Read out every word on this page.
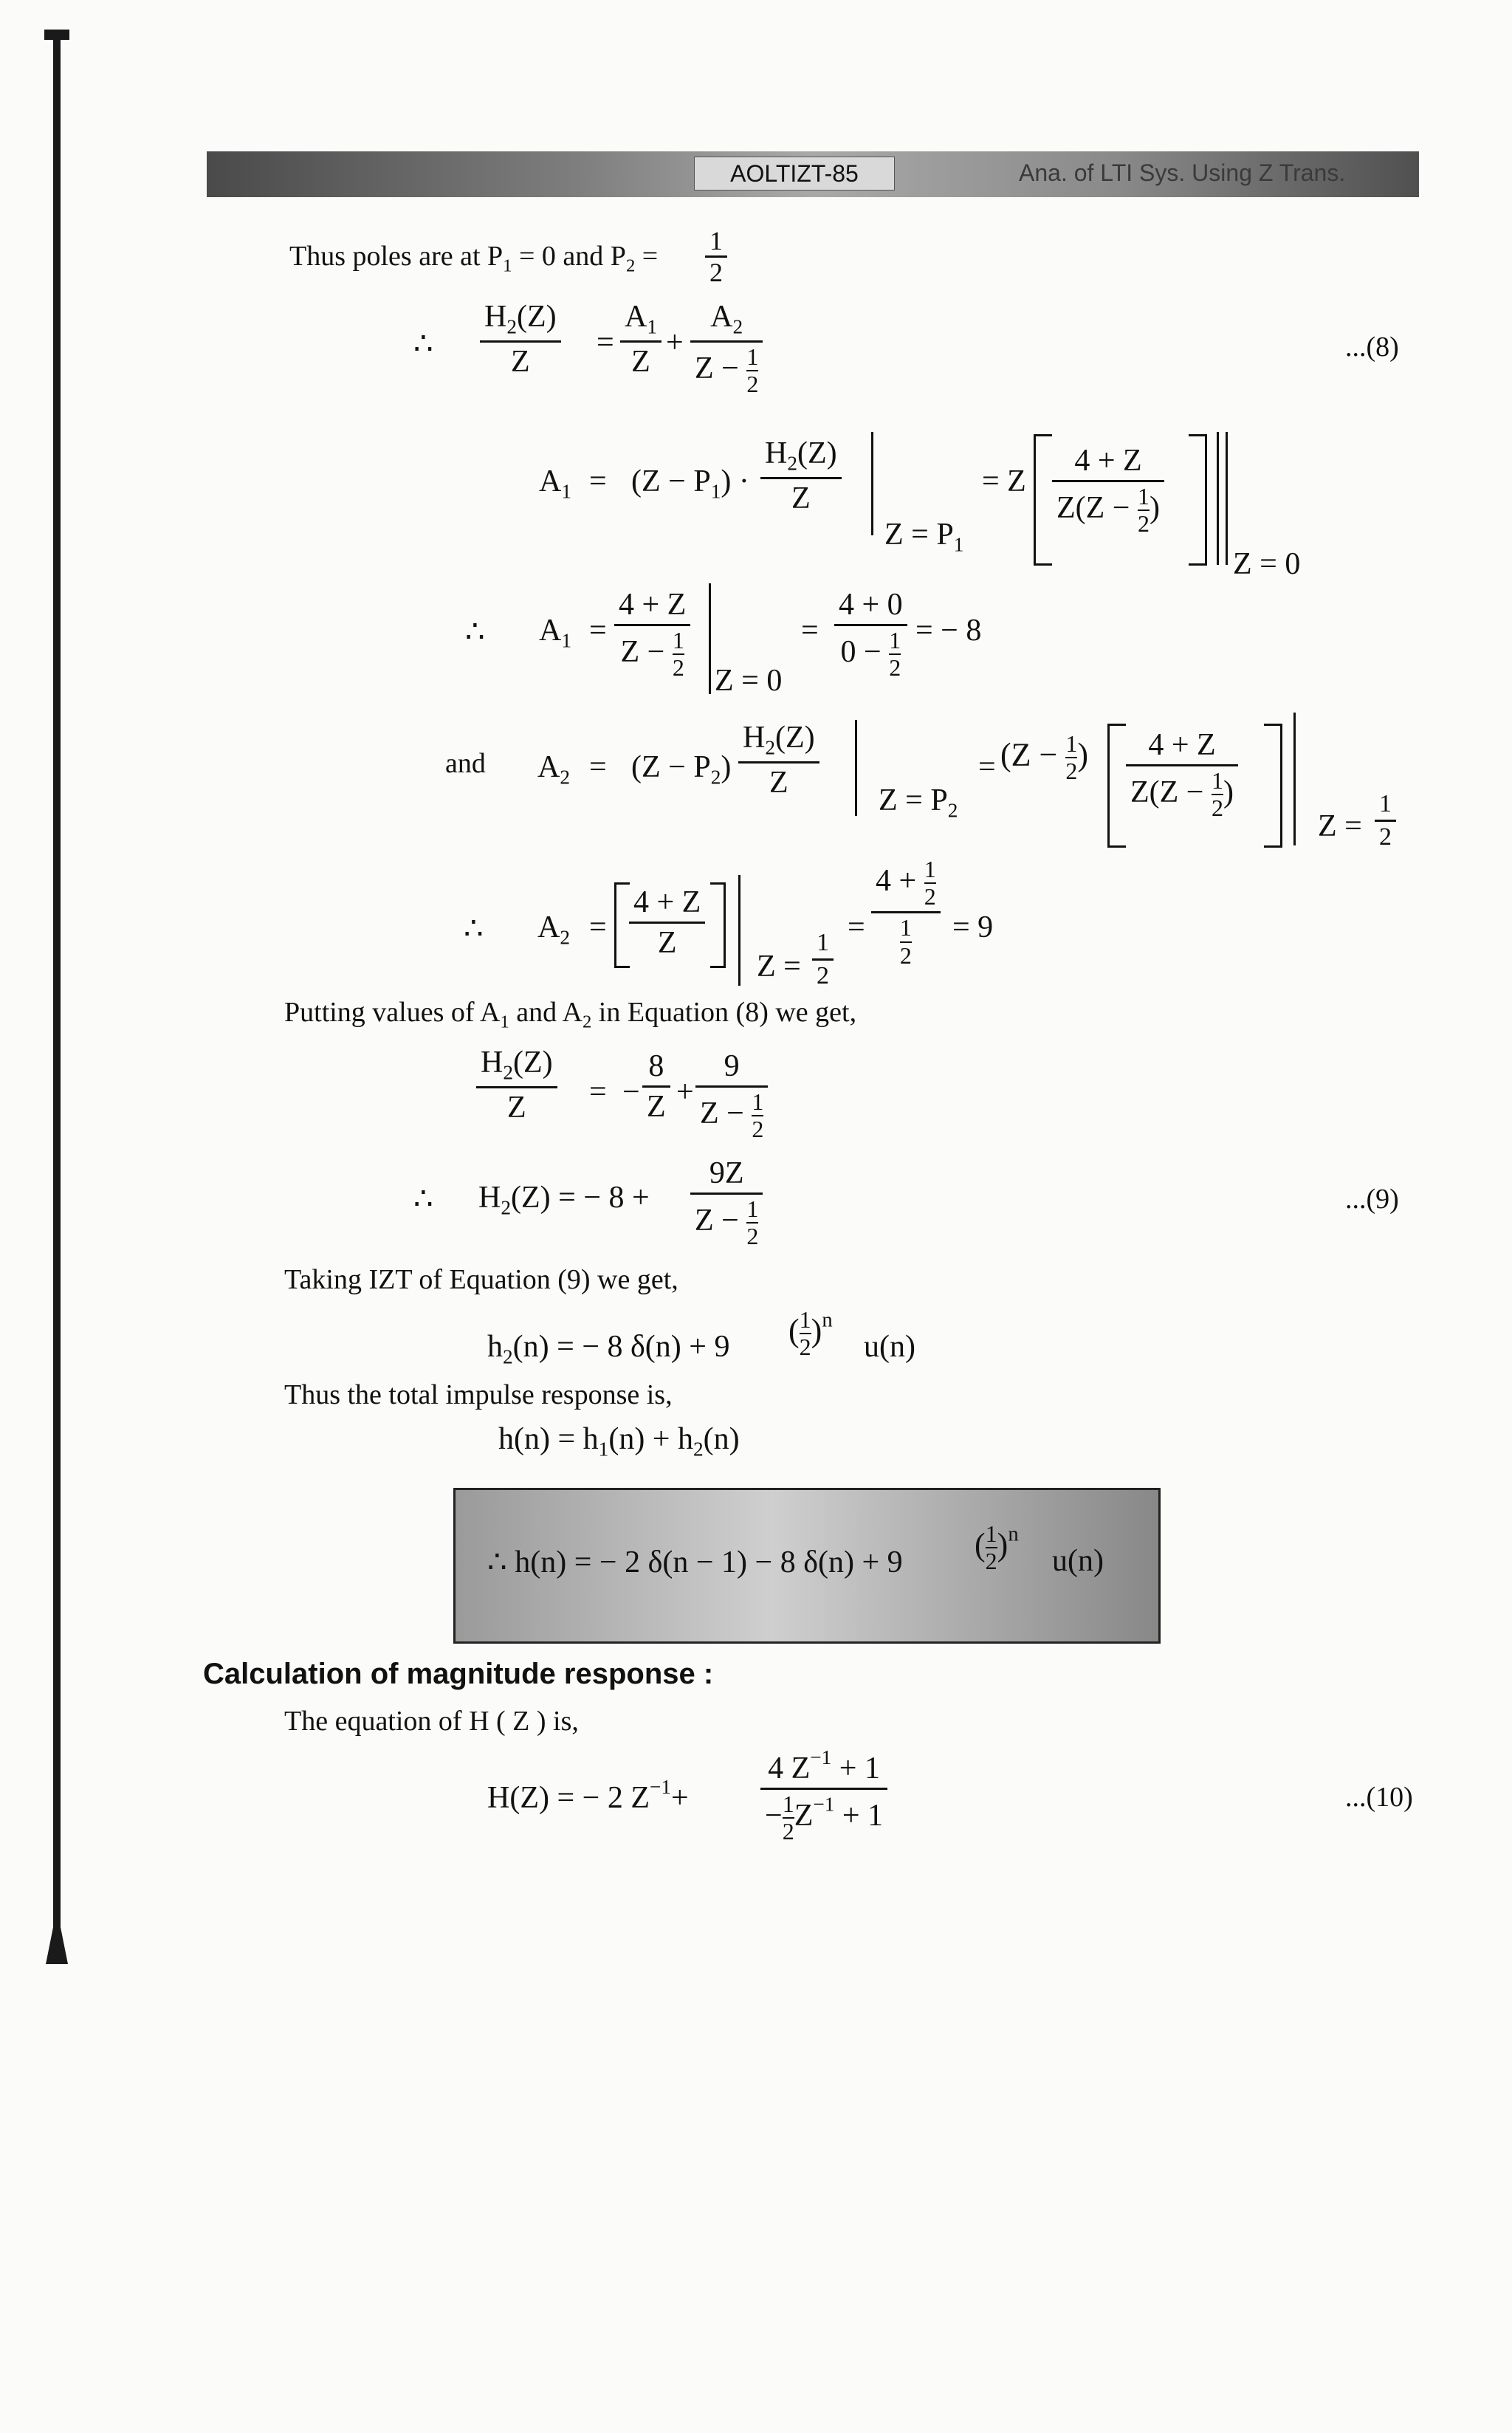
AOLTIZT-85	Ana. of LTI Sys. Using Z Trans.
Thus poles are at $P_1 = 0$ and $P_2 = \frac{1}{2}$
∴ $\frac{H_2(Z)}{Z} = \frac{A_1}{Z} + \frac{A_2}{Z - \frac{1}{2}}$	...(8)
$A_1 = (Z - P_1) \cdot \frac{H_2(Z)}{Z}$
$Z = P_1$
= Z $\frac{4 + Z}{Z(Z - \frac{1}{2} )}$
Z = 0
∴ $A_1 = \frac{4 + Z}{Z - \frac{1}{2}}$ Z = 0
= $\frac{4 + 0}{0 - \frac{1}{2}}$ = − 8
and $A_2 = (Z - P_2) \frac{H_2(Z)}{Z}$
$Z = P_2$
= ($Z - \frac{1}{2}$ ) $\frac{4 + Z}{Z(Z - \frac{1}{2} )}$
$Z = \frac{1}{2}$
∴ $A_2 = \frac{4 + Z}{Z}$
$Z = \frac{1}{2}$
= $\frac{4 + \frac{1}{2}}{\frac{1}{2}} = 9$
Putting values of $A_1$ and $A_2$ in Equation (8) we get,
$\frac{H_2(Z)}{Z}$ = − $\frac{8}{Z} + \frac{9}{Z - \frac{1}{2}}$
∴ $H_2(Z)$ = − $8 + \frac{9Z}{Z - \frac{1}{2}}$	...(9)
Taking IZT of Equation (9) we get,
$h_2(n)$ = − 8 δ(n) + 9 ( $\frac{1}{2} )^n$
u(n)
Thus the total impulse response is,
$h(n) = h_1(n) + h_2(n)$
∴ h(n) = − 2 δ(n − 1) − 8 δ(n) + 9 ( $\frac{1}{2} )^n$
u(n)
Calculation of magnitude response :
The equation of H ( Z ) is,
H(Z) = − 2 $Z^{-1}+ \frac{4 Z^{-1} + 1}{- \frac{1}{2} Z^{-1} + 1}$	...(10)
